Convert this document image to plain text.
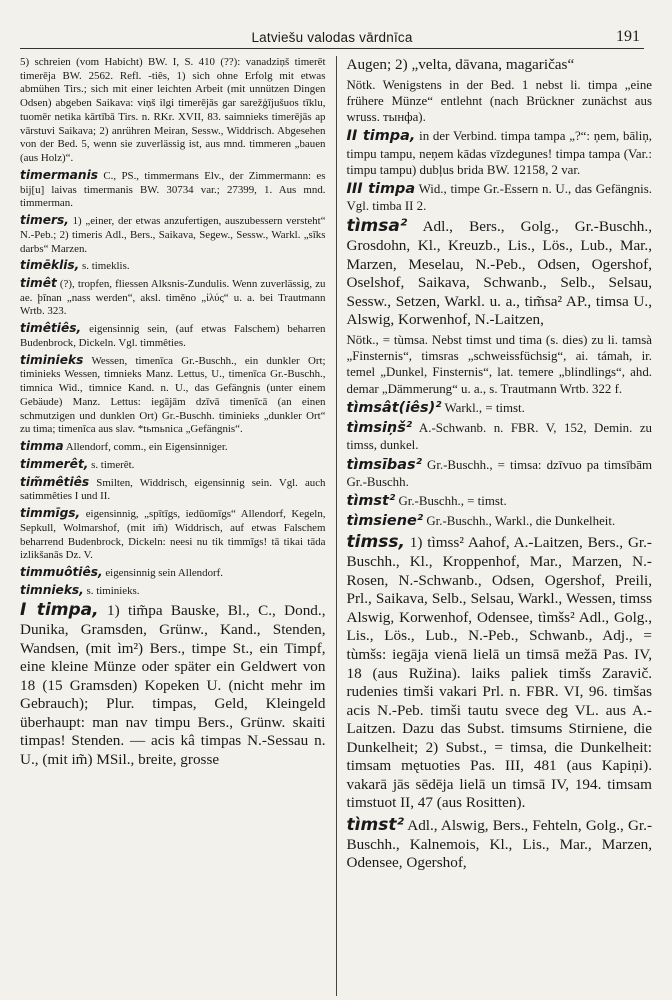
Latviešu valodas vārdnīca	191

5) schreien (vom Habicht) BW. I, S. 410 (??): vanadziņš timerēt timerēja BW. 2562. Refl. -tiês, 1) sich ohne Erfolg mit etwas abmühen Tirs.; sich mit einer leichten Arbeit (mit unnützen Dingen Odsen) abgeben Saikava: viņš ilgi timerējās gar sarežģījušuos tīklu, tuomēr netika kārtībā Tirs. n. RKr. XVII, 83. saimnieks timerējās ap vārstuvi Saikava; 2) anrühren Meiran, Sessw., Widdrisch. Abgesehen von der Bed. 5, wenn sie zuverlässig ist, aus mnd. timmeren „bauen (aus Holz)“.

timermanis C., PS., timmermans Elv., der Zimmermann: es bij[u] laivas timermanis BW. 30734 var.; 27399, 1. Aus mnd. timmerman.

timers, 1) „einer, der etwas anzufertigen, auszubessern versteht“ N.-Peb.; 2) timeris Adl., Bers., Saikava, Segew., Sessw., Warkl. „sīks darbs“ Marzen.

timēklis, s. timeklis.

timêt (?), tropfen, fliessen Alksnis-Zundulis. Wenn zuverlässig, zu ae. þīnan „nass werden“, aksl. timěno „ἰλύς“ u. a. bei Trautmann Wrtb. 323.

timêtiês, eigensinnig sein, (auf etwas Falschem) beharren Budenbrock, Dickeln. Vgl. timmêties.

timinieks Wessen, timenīca Gr.-Buschh., ein dunkler Ort; timinieks Wessen, timnieks Manz. Lettus, U., timenīca Gr.-Buschh., timnica Wid., timnice Kand. n. U., das Gefängnis (unter einem Gebäude) Manz. Lettus: iegājām dzīvā timenīcā (an einen schmutzigen und dunklen Ort) Gr.-Buschh. timinieks „dunkler Ort“ zu tima; timenīca aus slav. *tьmьnica „Gefängnis“.

timma Allendorf, comm., ein Eigensinniger.

timmerêt, s. timerêt.

tim̃mêtiês Smilten, Widdrisch, eigensinnig sein. Vgl. auch satimmêties I und II.

timmīgs, eigensinnig, „spītīgs, iedūomīgs“ Allendorf, Kegeln, Sepkull, Wolmarshof, (mit im̃) Widdrisch, auf etwas Falschem beharrend Budenbrock, Dickeln: neesi nu tik timmīgs! tā tikai tāda izlikšanās Dz. V.

timmuôtiês, eigensinnig sein Allendorf.

timnieks, s. timinieks.

I timpa, 1) tim̃pa Bauske, Bl., C., Dond., Dunika, Gramsden, Grünw., Kand., Stenden, Wandsen, (mit ìm²) Bers., timpe St., ein Timpf, eine kleine Münze oder später ein Geldwert von 18 (15 Gramsden) Kopeken U. (nicht mehr im Gebrauch); Plur. timpas, Geld, Kleingeld überhaupt: man nav timpu Bers., Grünw. skaiti timpas! Stenden. — acis kâ timpas N.-Sessau n. U., (mit im̃) MSil., breite, grosse

Augen; 2) „velta, dāvana, magaričas“

Nötk. Wenigstens in der Bed. 1 nebst li. timpa „eine frühere Münze“ entlehnt (nach Brückner zunächst aus wruss. тынфа).

II timpa, in der Verbind. timpa tampa „?“: ņem, bāliņ, timpu tampu, neņem kādas vīzdegunes! timpa tampa (Var.: timpu tampu) dubļus brida BW. 12158, 2 var.

III timpa Wid., timpe Gr.-Essern n. U., das Gefängnis. Vgl. timba II 2.

tìmsa² Adl., Bers., Golg., Gr.-Buschh., Grosdohn, Kl., Kreuzb., Lis., Lös., Lub., Mar., Marzen, Meselau, N.-Peb., Odsen, Ogershof, Oselshof, Saikava, Schwanb., Selb., Selsau, Sessw., Setzen, Warkl. u. a., tim̃sa² AP., timsa U., Alswig, Korwenhof, N.-Laitzen,

Nötk., = tùmsa. Nebst timst und tima (s. dies) zu li. tamsà „Finsternis“, timsras „schweissfüchsig“, ai. támah, ir. temel „Dunkel, Finsternis“, lat. temere „blindlings“, ahd. demar „Dämmerung“ u. a., s. Trautmann Wrtb. 322 f.

tìmsât(iês)² Warkl., = timst.

tìmsiņš² A.-Schwanb. n. FBR. V, 152, Demin. zu timss, dunkel.

tìmsības² Gr.-Buschh., = timsa: dzīvuo pa timsībām Gr.-Buschh.

tìmst² Gr.-Buschh., = timst.

tìmsiene² Gr.-Buschh., Warkl., die Dunkelheit.

timss, 1) tìmss² Aahof, A.-Laitzen, Bers., Gr.-Buschh., Kl., Kroppenhof, Mar., Marzen, N.-Rosen, N.-Schwanb., Odsen, Ogershof, Preili, Prl., Saikava, Selb., Selsau, Warkl., Wessen, timss Alswig, Korwenhof, Odensee, tìmšs² Adl., Golg., Lis., Lös., Lub., N.-Peb., Schwanb., Adj., = tùmšs: iegāja vienā lielā un timsā mežā Pas. IV, 18 (aus Ružina). laiks paliek timšs Zaravič. rudenies timši vakari Prl. n. FBR. VI, 96. timšas acis N.-Peb. timši tautu svece deg VL. aus A.-Laitzen. Dazu das Subst. timsums Stirniene, die Dunkelheit; 2) Subst., = timsa, die Dunkelheit: timsam mętuoties Pas. III, 481 (aus Kapiņi). vakarā jās sēdēja lielā un timsā IV, 194. timsam timstuot II, 47 (aus Rositten).

tìmst² Adl., Alswig, Bers., Fehteln, Golg., Gr.-Buschh., Kalnemois, Kl., Lis., Mar., Marzen, Odensee, Ogershof,
